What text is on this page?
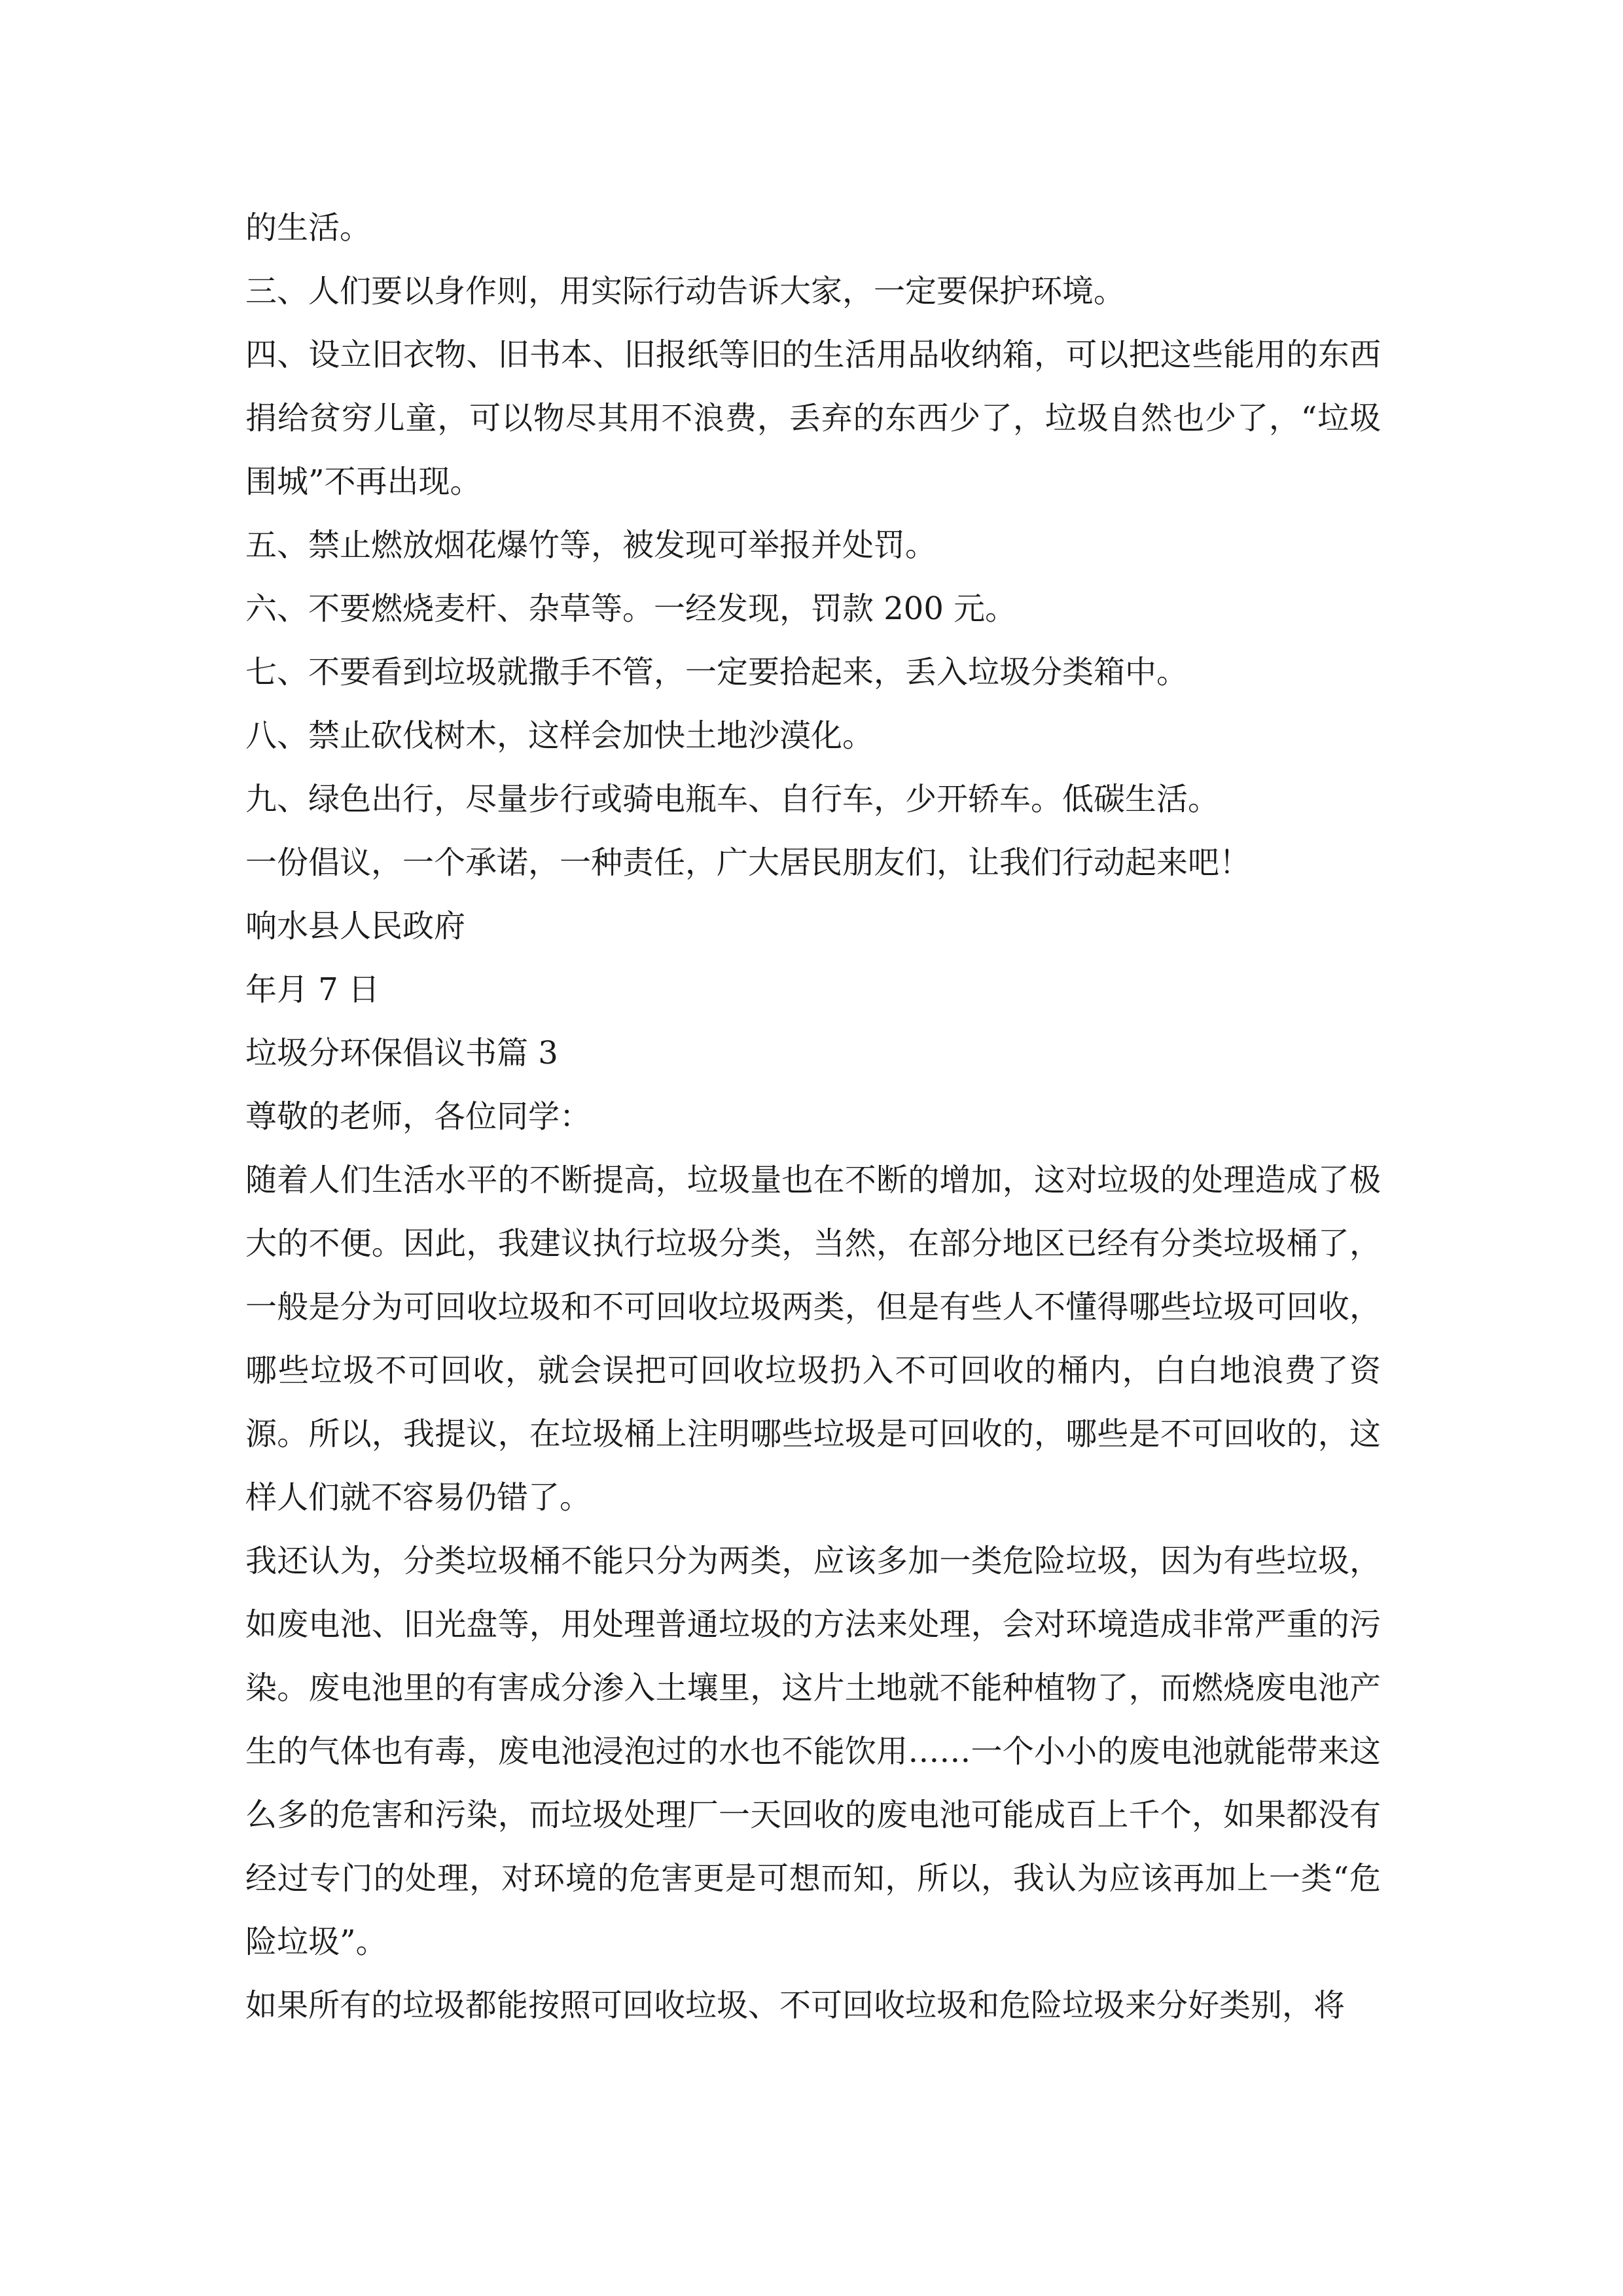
的生活。

三、人们要以身作则，用实际行动告诉大家，一定要保护环境。

四、设立旧衣物、旧书本、旧报纸等旧的生活用品收纳箱，可以把这些能用的东西捐给贫穷儿童，可以物尽其用不浪费，丢弃的东西少了，垃圾自然也少了，“垃圾围城”不再出现。

五、禁止燃放烟花爆竹等，被发现可举报并处罚。

六、不要燃烧麦杆、杂草等。一经发现，罚款 200 元。

七、不要看到垃圾就撒手不管，一定要拾起来，丢入垃圾分类箱中。

八、禁止砍伐树木，这样会加快土地沙漠化。

九、绿色出行，尽量步行或骑电瓶车、自行车，少开轿车。低碳生活。

一份倡议，一个承诺，一种责任，广大居民朋友们，让我们行动起来吧！

响水县人民政府

年月 7 日

垃圾分环保倡议书篇 3

尊敬的老师，各位同学：

随着人们生活水平的不断提高，垃圾量也在不断的增加，这对垃圾的处理造成了极大的不便。因此，我建议执行垃圾分类，当然，在部分地区已经有分类垃圾桶了，一般是分为可回收垃圾和不可回收垃圾两类，但是有些人不懂得哪些垃圾可回收，哪些垃圾不可回收，就会误把可回收垃圾扔入不可回收的桶内，白白地浪费了资源。所以，我提议，在垃圾桶上注明哪些垃圾是可回收的，哪些是不可回收的，这样人们就不容易仍错了。

我还认为，分类垃圾桶不能只分为两类，应该多加一类危险垃圾，因为有些垃圾，如废电池、旧光盘等，用处理普通垃圾的方法来处理，会对环境造成非常严重的污染。废电池里的有害成分渗入土壤里，这片土地就不能种植物了，而燃烧废电池产生的气体也有毒，废电池浸泡过的水也不能饮用……一个小小的废电池就能带来这么多的危害和污染，而垃圾处理厂一天回收的废电池可能成百上千个，如果都没有经过专门的处理，对环境的危害更是可想而知，所以，我认为应该再加上一类“危险垃圾”。

如果所有的垃圾都能按照可回收垃圾、不可回收垃圾和危险垃圾来分好类别，将
